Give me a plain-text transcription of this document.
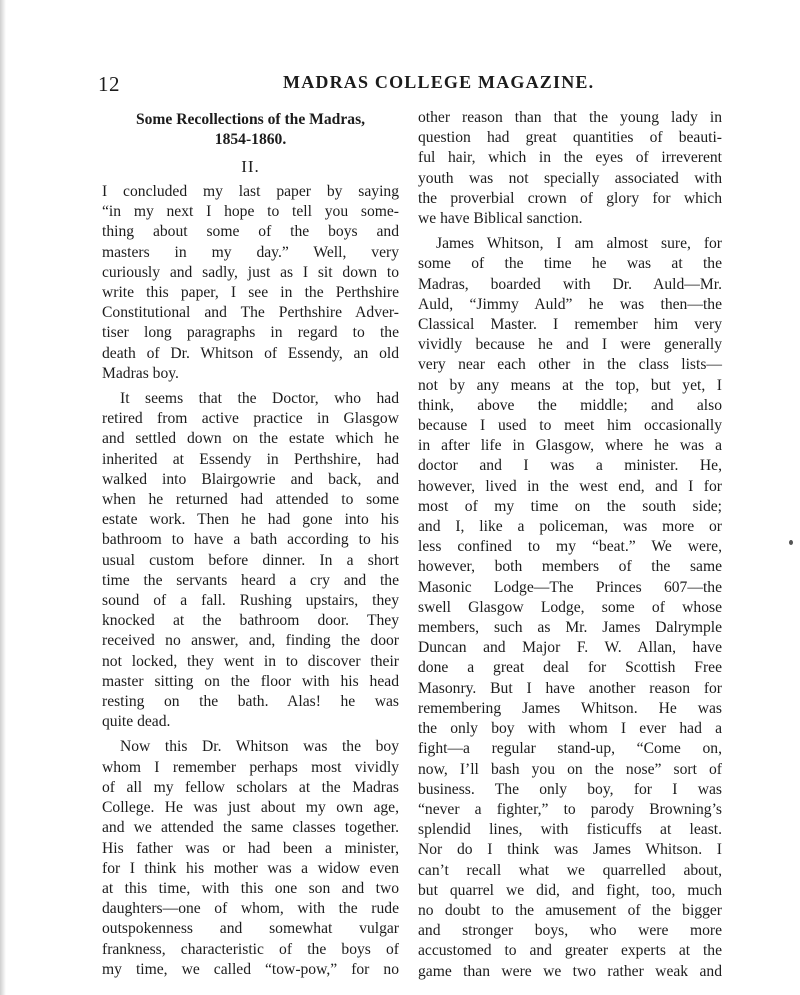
12	MADRAS COLLEGE MAGAZINE.
Some Recollections of the Madras,
1854-1860.
II.
I concluded my last paper by saying
“in my next I hope to tell you some-
thing about some of the boys and
masters in my day.” Well, very
curiously and sadly, just as I sit down to
write this paper, I see in the Perthshire
Constitutional and The Perthshire Adver-
tiser long paragraphs in regard to the
death of Dr. Whitson of Essendy, an old
Madras boy.
It seems that the Doctor, who had
retired from active practice in Glasgow
and settled down on the estate which he
inherited at Essendy in Perthshire, had
walked into Blairgowrie and back, and
when he returned had attended to some
estate work. Then he had gone into his
bathroom to have a bath according to his
usual custom before dinner. In a short
time the servants heard a cry and the
sound of a fall. Rushing upstairs, they
knocked at the bathroom door. They
received no answer, and, finding the door
not locked, they went in to discover their
master sitting on the floor with his head
resting on the bath. Alas! he was
quite dead.
Now this Dr. Whitson was the boy
whom I remember perhaps most vividly
of all my fellow scholars at the Madras
College. He was just about my own age,
and we attended the same classes together.
His father was or had been a minister,
for I think his mother was a widow even
at this time, with this one son and two
daughters—one of whom, with the rude
outspokenness and somewhat vulgar
frankness, characteristic of the boys of
my time, we called “tow-pow,” for no
other reason than that the young lady in
question had great quantities of beauti-
ful hair, which in the eyes of irreverent
youth was not specially associated with
the proverbial crown of glory for which
we have Biblical sanction.
James Whitson, I am almost sure, for
some of the time he was at the
Madras, boarded with Dr. Auld—Mr.
Auld, “Jimmy Auld” he was then—the
Classical Master. I remember him very
vividly because he and I were generally
very near each other in the class lists—
not by any means at the top, but yet, I
think, above the middle; and also
because I used to meet him occasionally
in after life in Glasgow, where he was a
doctor and I was a minister. He,
however, lived in the west end, and I for
most of my time on the south side;
and I, like a policeman, was more or
less confined to my “beat.” We were,
however, both members of the same
Masonic Lodge—The Princes 607—the
swell Glasgow Lodge, some of whose
members, such as Mr. James Dalrymple
Duncan and Major F. W. Allan, have
done a great deal for Scottish Free
Masonry. But I have another reason for
remembering James Whitson. He was
the only boy with whom I ever had a
fight—a regular stand-up, “Come on,
now, I’ll bash you on the nose” sort of
business. The only boy, for I was
“never a fighter,” to parody Browning’s
splendid lines, with fisticuffs at least.
Nor do I think was James Whitson. I
can’t recall what we quarrelled about,
but quarrel we did, and fight, too, much
no doubt to the amusement of the bigger
and stronger boys, who were more
accustomed to and greater experts at the
game than were we two rather weak and
